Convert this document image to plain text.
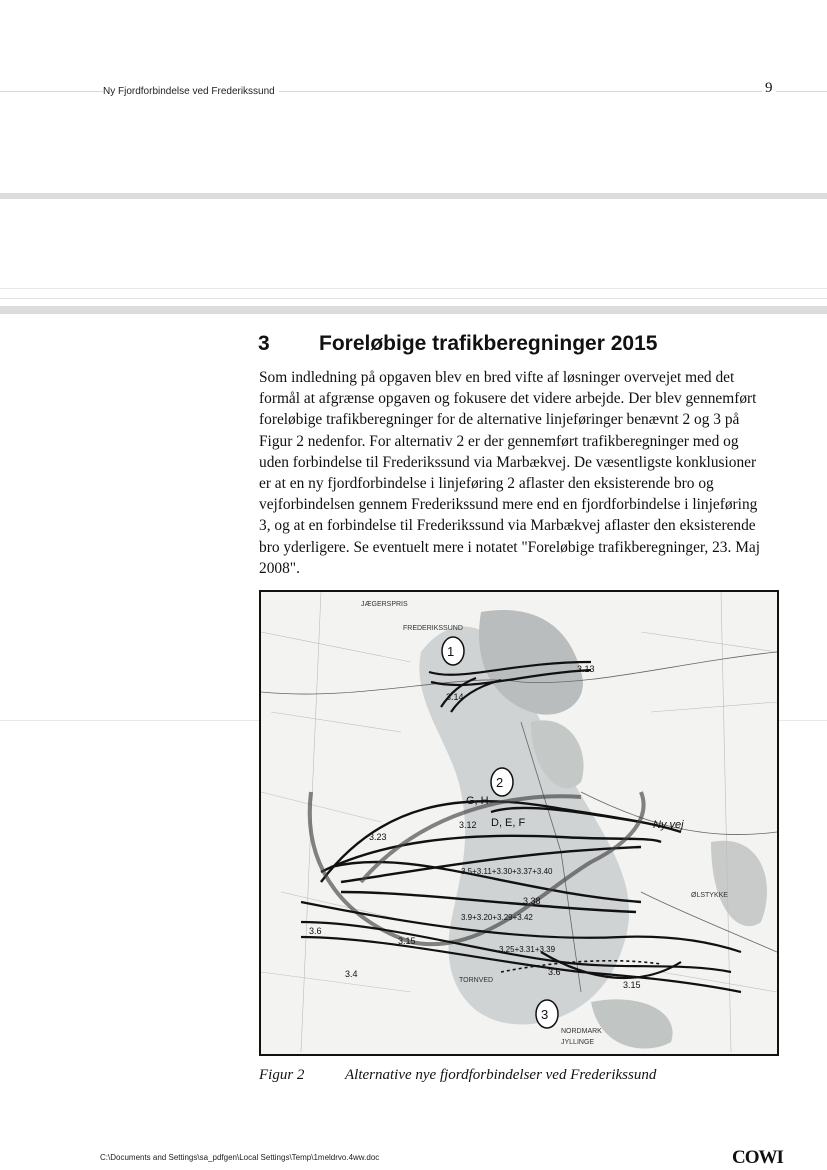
Ny Fjordforbindelse ved Frederikssund	9
3 Foreløbige trafikberegninger 2015

Som indledning på opgaven blev en bred vifte af løsninger overvejet med det formål at afgrænse opgaven og fokusere det videre arbejde. Der blev gennemført foreløbige trafikberegninger for de alternative linjeføringer benævnt 2 og 3 på Figur 2 nedenfor. For alternativ 2 er der gennemført trafikberegninger med og uden forbindelse til Frederikssund via Marbækvej. De væsentligste konklusioner er at en ny fjordforbindelse i linjeføring 2 aflaster den eksisterende bro og vejforbindelsen gennem Frederikssund mere end en fjordforbindelse i linjeføring 3, og at en forbindelse til Frederikssund via Marbækvej aflaster den eksisterende bro yderligere. Se eventuelt mere i notatet "Foreløbige trafikberegninger, 23. Maj 2008".

1
2
3
JÆGERSPRIS
FREDERIKSSUND
ØLSTYKKE
TORNVED
NORDMARK
JYLLINGE
3.13
3.14
G, H
3.12 D, E, F	Ny vej
3.23
3.5+3.11+3.30+3.37+3.40
3.38
3.9+3.20+3.29+3.42
3.25+3.31+3.39
3.15
3.6
3.4	3.6
3.15
Figur 2	Alternative nye fjordforbindelser ved Frederikssund
C:\Documents and Settings\sa_pdfgen\Local Settings\Temp\1meldrvo.4ww.doc	COWI
